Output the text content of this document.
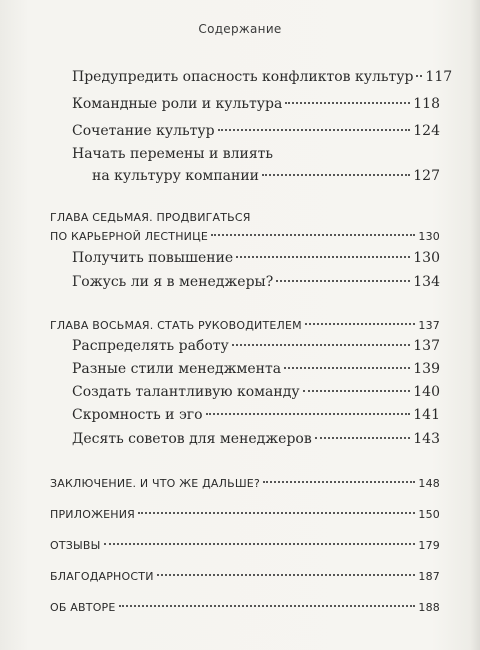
Содержание
Предупредить опасность конфликтов культур 117
Командные роли и культура	118
Сочетание культур	124
Начать перемены и влиять
на культуру компании	127
ГЛАВА СЕДЬМАЯ. ПРОДВИГАТЬСЯ
ПО КАРЬЕРНОЙ ЛЕСТНИЦЕ	130
Получить повышение	130
Гожусь ли я в менеджеры?	134
ГЛАВА ВОСЬМАЯ. СТАТЬ РУКОВОДИТЕЛЕМ	137
Распределять работу	137
Разные стили менеджмента	139
Создать талантливую команду	140
Скромность и эго	141
Десять советов для менеджеров	143
ЗАКЛЮЧЕНИЕ. И ЧТО ЖЕ ДАЛЬШЕ?	148
ПРИЛОЖЕНИЯ	150
ОТЗЫВЫ	179
БЛАГОДАРНОСТИ	187
ОБ АВТОРЕ	188
